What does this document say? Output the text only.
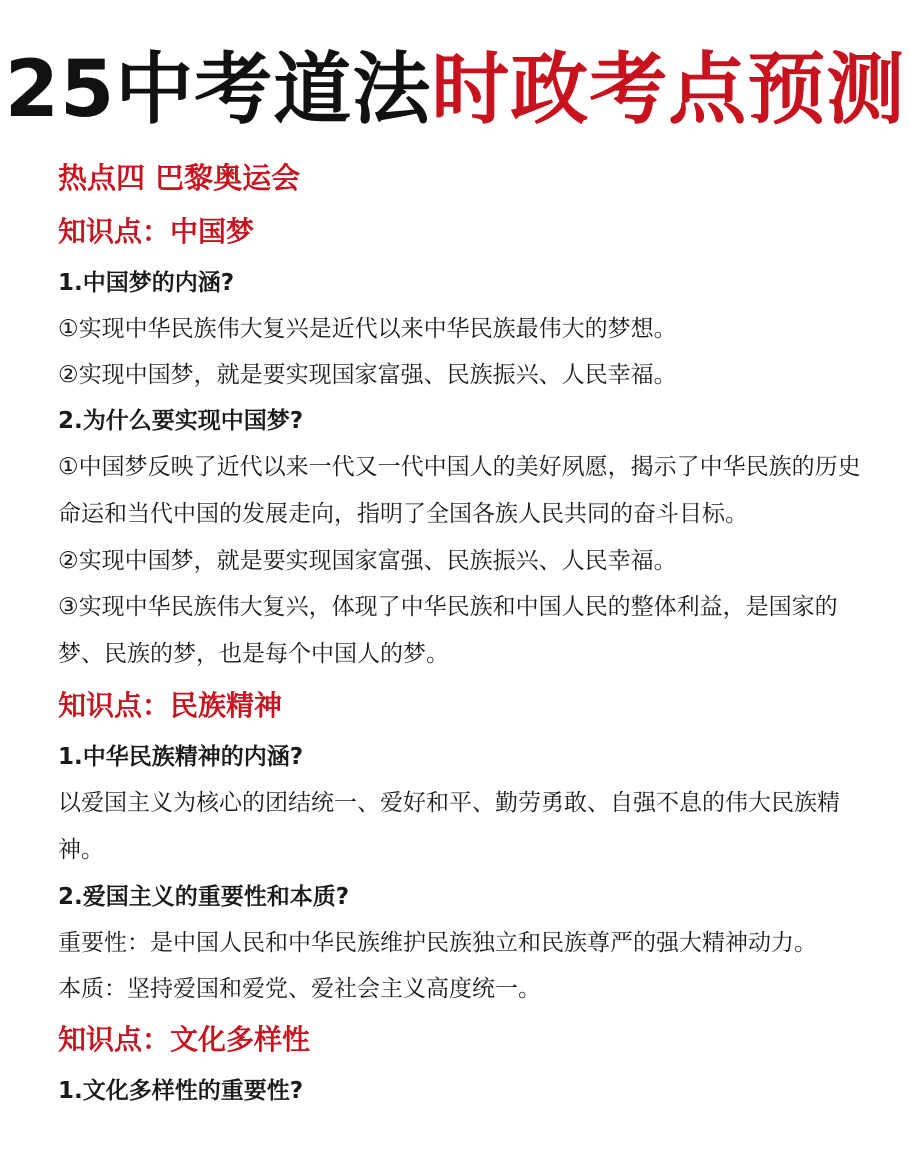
25中考道法时政考点预测
热点四 巴黎奥运会
知识点：中国梦
1.中国梦的内涵?
①实现中华民族伟大复兴是近代以来中华民族最伟大的梦想。
②实现中国梦，就是要实现国家富强、民族振兴、人民幸福。
2.为什么要实现中国梦?
①中国梦反映了近代以来一代又一代中国人的美好夙愿，揭示了中华民族的历史命运和当代中国的发展走向，指明了全国各族人民共同的奋斗目标。
②实现中国梦，就是要实现国家富强、民族振兴、人民幸福。
③实现中华民族伟大复兴，体现了中华民族和中国人民的整体利益，是国家的梦、民族的梦，也是每个中国人的梦。
知识点：民族精神
1.中华民族精神的内涵?
以爱国主义为核心的团结统一、爱好和平、勤劳勇敢、自强不息的伟大民族精神。
2.爱国主义的重要性和本质?
重要性：是中国人民和中华民族维护民族独立和民族尊严的强大精神动力。
本质：坚持爱国和爱党、爱社会主义高度统一。
知识点：文化多样性
1.文化多样性的重要性?
